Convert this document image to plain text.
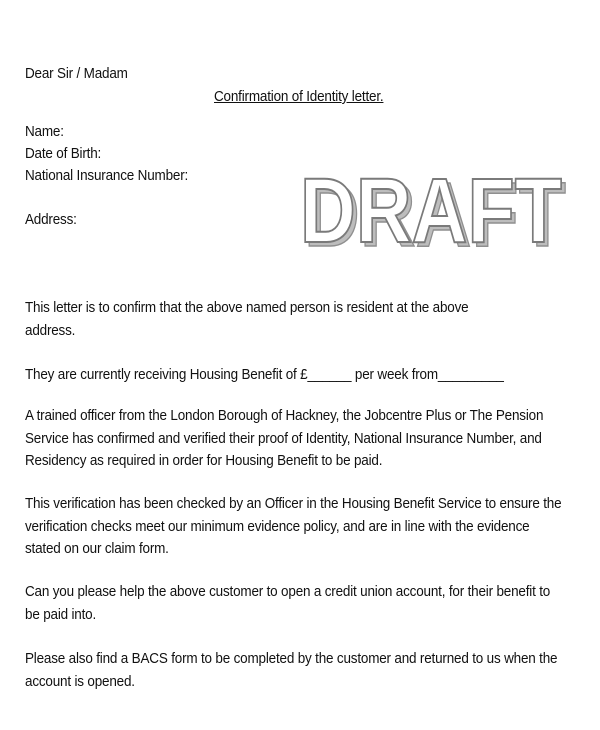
Dear Sir / Madam
Confirmation of Identity letter.
Name:
Date of Birth:
National Insurance Number:
Address: DRAFT
DRAFT
This letter is to confirm that the above named person is resident at the above
address.
They are currently receiving Housing Benefit of £______ per week from_________
A trained officer from the London Borough of Hackney, the Jobcentre Plus or The Pension
Service has confirmed and verified their proof of Identity, National Insurance Number, and
Residency as required in order for Housing Benefit to be paid.
This verification has been checked by an Officer in the Housing Benefit Service to ensure the
verification checks meet our minimum evidence policy, and are in line with the evidence
stated on our claim form.
Can you please help the above customer to open a credit union account, for their benefit to
be paid into.
Please also find a BACS form to be completed by the customer and returned to us when the
account is opened.
